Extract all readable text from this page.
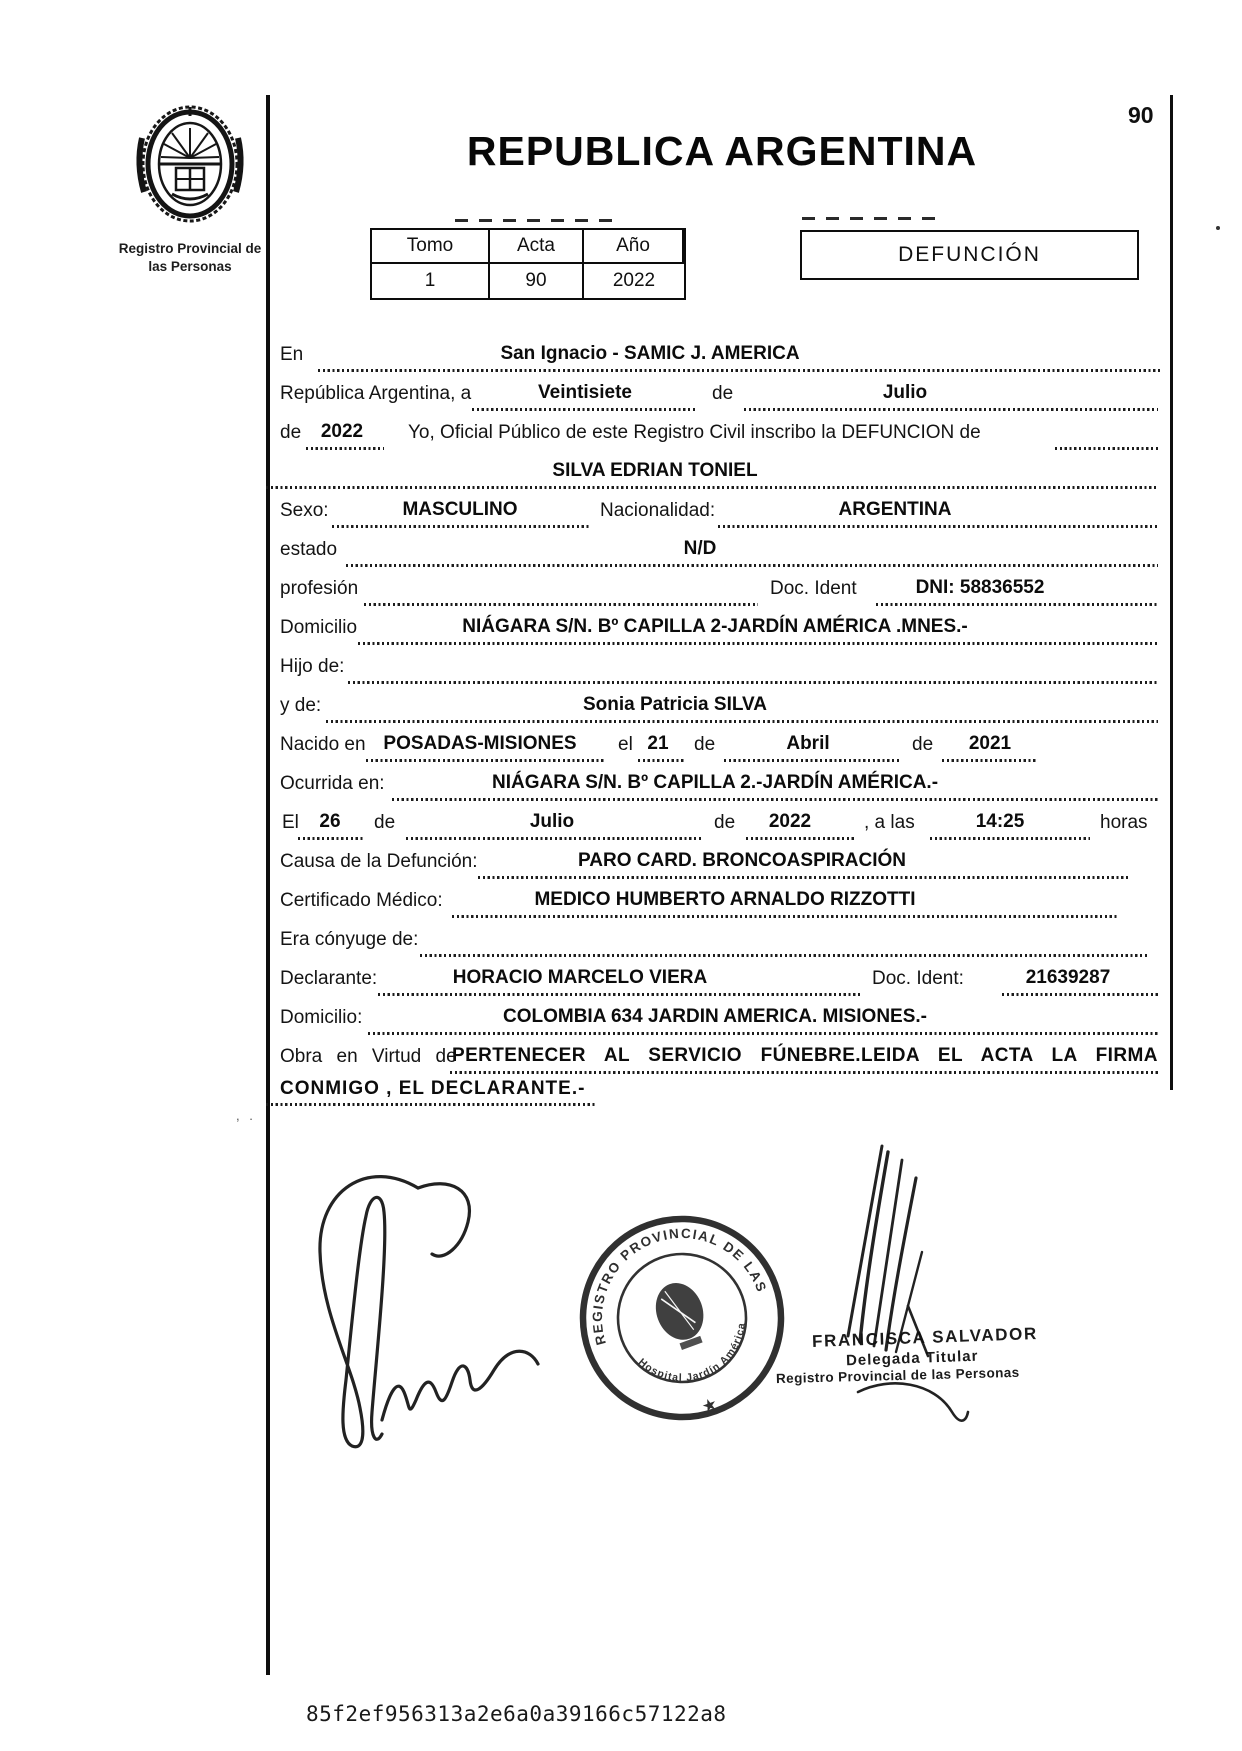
90
Registro Provincial de
las Personas
REPUBLICA ARGENTINA
Tomo	Acta	Año
1	90	2022
DEFUNCIÓN
En	San Ignacio - SAMIC J. AMERICA
República Argentina, a	Veintisiete	de	Julio
de 2022 Yo, Oficial Público de este Registro Civil inscribo la DEFUNCION de
SILVA EDRIAN TONIEL
Sexo:	MASCULINO	Nacionalidad:	ARGENTINA
estado	N/D
profesión	Doc. Ident	DNI: 58836552
Domicilio	NIÁGARA S/N. Bº CAPILLA 2-JARDÍN AMÉRICA .MNES.-
Hijo de:
y de:	Sonia Patricia SILVA
Nacido en POSADAS-MISIONES el 21 de	Abril	de 2021
Ocurrida en:	NIÁGARA S/N. Bº CAPILLA 2.-JARDÍN AMÉRICA.-
El 26 de	Julio	de 2022	, a las	14:25	horas
Causa de la Defunción:	PARO CARD. BRONCOASPIRACIÓN
Certificado Médico:	MEDICO HUMBERTO ARNALDO RIZZOTTI
Era cónyuge de:
Declarante:	HORACIO MARCELO VIERA	Doc. Ident:	21639287
Domicilio:	COLOMBIA 634 JARDIN AMERICA. MISIONES.-
Obra en Virtud de
PERTENECER AL SERVICIO FÚNEBRE.LEIDA EL ACTA LA FIRMA
CONMIGO , EL DECLARANTE.-
, .
REGISTRO PROVINCIAL DE LAS PERSONAS
Hospital Jardín América
★
FRANCISCA SALVADOR
Delegada Titular
Registro Provincial de las Personas
85f2ef956313a2e6a0a39166c57122a8
